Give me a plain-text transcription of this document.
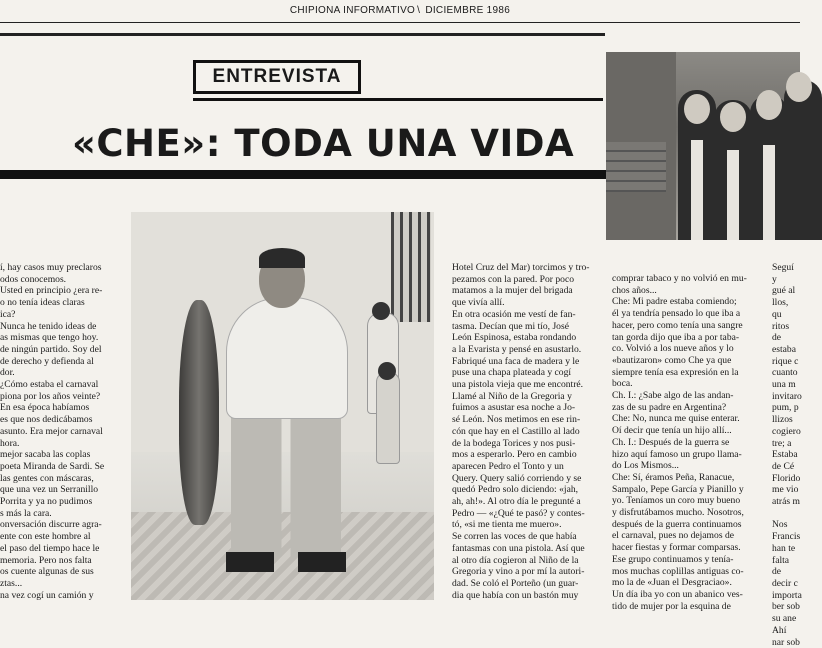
CHIPIONA INFORMATIVO \ DICIEMBRE 1986
ENTREVISTA
«CHE»: TODA UNA VIDA

í, hay casos muy preclaros

odos conocemos.

Usted en principio ¿era re-

o no tenía ideas claras

ica?

Nunca he tenido ideas de

as mismas que tengo hoy.

de ningún partido. Soy del

de derecho y defienda al

dor.

¿Cómo estaba el carnaval

piona por los años veinte?

En esa época habíamos

es que nos dedicábamos

asunto. Era mejor carnaval

hora.

mejor sacaba las coplas

poeta Miranda de Sardi. Se

las gentes con máscaras,

que una vez un Serranillo

Porrita y ya no pudimos

s más la cara.

onversación discurre agra-

ente con este hombre al

el paso del tiempo hace le

memoria. Pero nos falta

os cuente algunas de sus

ztas...

na vez cogí un camión y

Hotel Cruz del Mar) torcimos y tro-

pezamos con la pared. Por poco

matamos a la mujer del brigada

que vivía allí.

En otra ocasión me vestí de fan-

tasma. Decían que mi tío, José

León Espinosa, estaba rondando

a la Evarista y pensé en asustarlo.

Fabriqué una faca de madera y le

puse una chapa plateada y cogí

una pistola vieja que me encontré.

Llamé al Niño de la Gregoria y

fuimos a asustar esa noche a Jo-

sé León. Nos metimos en ese rin-

cón que hay en el Castillo al lado

de la bodega Torices y nos pusi-

mos a esperarlo. Pero en cambio

aparecen Pedro el Tonto y un

Query. Query salió corriendo y se

quedó Pedro solo diciendo: «jah,

ah, ah!». Al otro día le pregunté a

Pedro — «¿Qué te pasó? y contes-

tó, «si me tienta me muero».

Se corren las voces de que había

fantasmas con una pistola. Así que

al otro día cogieron al Niño de la

Gregoria y vino a por mí la autori-

dad. Se coló el Porteño (un guar-

dia que había con un bastón muy

comprar tabaco y no volvió en mu-

chos años...

Che: Mi padre estaba comiendo;

él ya tendría pensado lo que iba a

hacer, pero como tenía una sangre

tan gorda dijo que iba a por taba-

co. Volvió a los nueve años y lo

«bautizaron» como Che ya que

siempre tenía esa expresión en la

boca.

Ch. I.: ¿Sabe algo de las andan-

zas de su padre en Argentina?

Che: No, nunca me quise enterar.

Oí decir que tenía un hijo allí...

Ch. I.: Después de la guerra se

hizo aquí famoso un grupo llama-

do Los Mismos...

Che: Sí, éramos Peña, Ranacue,

Sampalo, Pepe García y Pianillo y

yo. Teníamos un coro muy bueno

y disfrutábamos mucho. Nosotros,

después de la guerra continuamos

el carnaval, pues no dejamos de

hacer fiestas y formar comparsas.

Ese grupo continuamos y tenía-

mos muchas coplillas antiguas co-

mo la de «Juan el Desgraciao».

Un día iba yo con un abanico ves-

tido de mujer por la esquina de

Seguí y

gué al

llos, qu

ritos de

estaba

rique c

cuanto

una m

invitaro

pum, p

llizos

cogiero

tre; a

Estaba

de Cé

Florido

me vio

atrás m

Nos

Francis

han te

falta de

decir c

importa

ber sob

su ane

Ahí

nar sob
